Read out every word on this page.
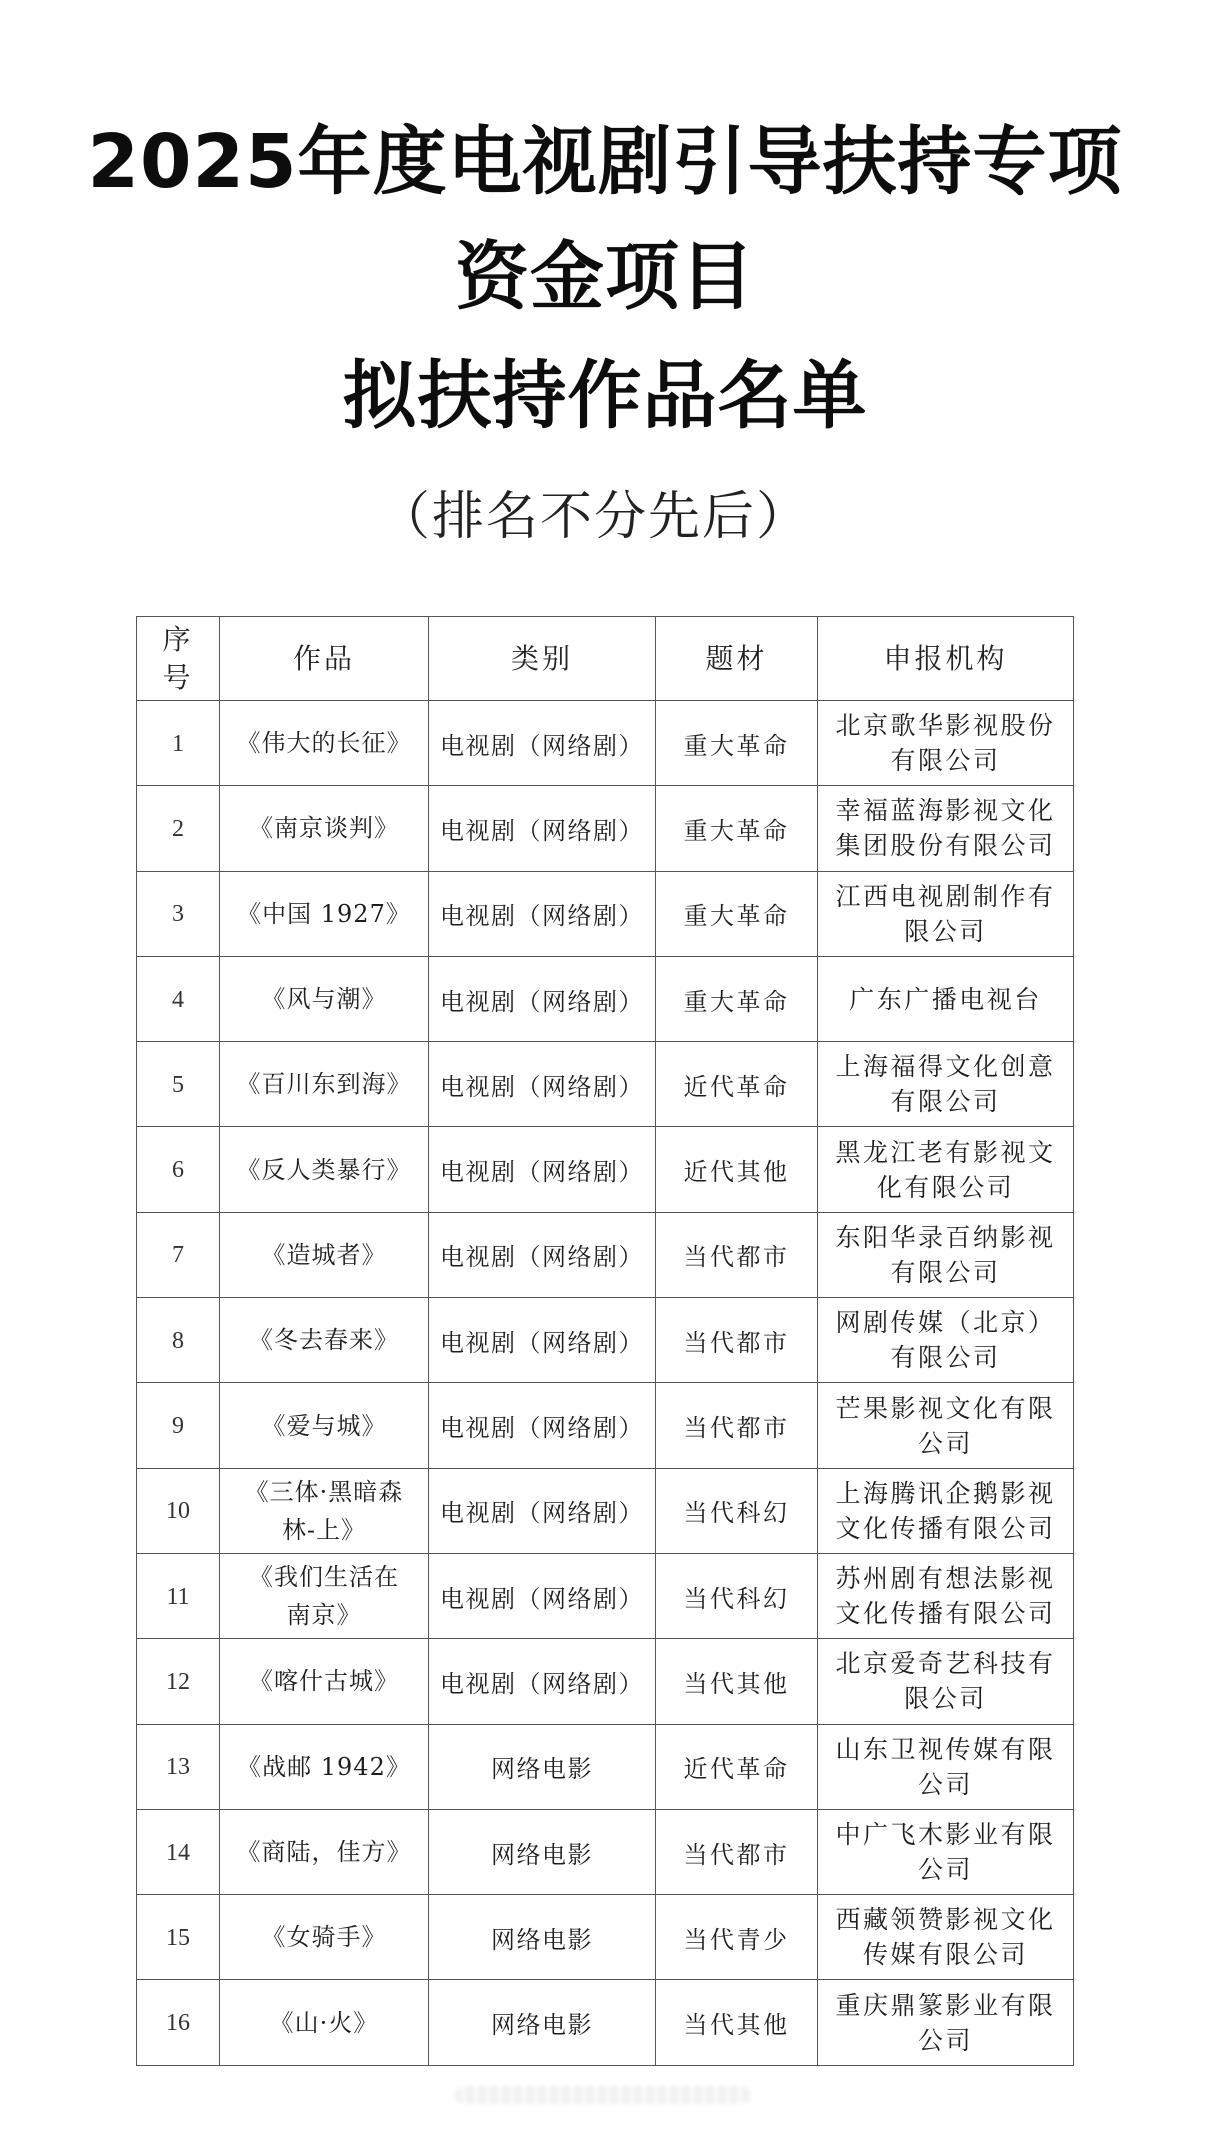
2025年度电视剧引导扶持专项
资金项目
拟扶持作品名单
（排名不分先后）
序号	作品	类别	题材	申报机构
1	《伟大的长征》	电视剧（网络剧）	重大革命	北京歌华影视股份有限公司
2	《南京谈判》	电视剧（网络剧）	重大革命	幸福蓝海影视文化集团股份有限公司
3	《中国 1927》	电视剧（网络剧）	重大革命	江西电视剧制作有限公司
4	《风与潮》	电视剧（网络剧）	重大革命	广东广播电视台
5	《百川东到海》	电视剧（网络剧）	近代革命	上海福得文化创意有限公司
6	《反人类暴行》	电视剧（网络剧）	近代其他	黑龙江老有影视文化有限公司
7	《造城者》	电视剧（网络剧）	当代都市	东阳华录百纳影视有限公司
8	《冬去春来》	电视剧（网络剧）	当代都市	网剧传媒（北京）有限公司
9	《爱与城》	电视剧（网络剧）	当代都市	芒果影视文化有限公司
10	《三体·黑暗森林-上》	电视剧（网络剧）	当代科幻	上海腾讯企鹅影视文化传播有限公司
11	《我们生活在南京》	电视剧（网络剧）	当代科幻	苏州剧有想法影视文化传播有限公司
12	《喀什古城》	电视剧（网络剧）	当代其他	北京爱奇艺科技有限公司
13	《战邮 1942》	网络电影	近代革命	山东卫视传媒有限公司
14	《商陆，佳方》	网络电影	当代都市	中广飞木影业有限公司
15	《女骑手》	网络电影	当代青少	西藏领赞影视文化传媒有限公司
16	《山·火》	网络电影	当代其他	重庆鼎篆影业有限公司
